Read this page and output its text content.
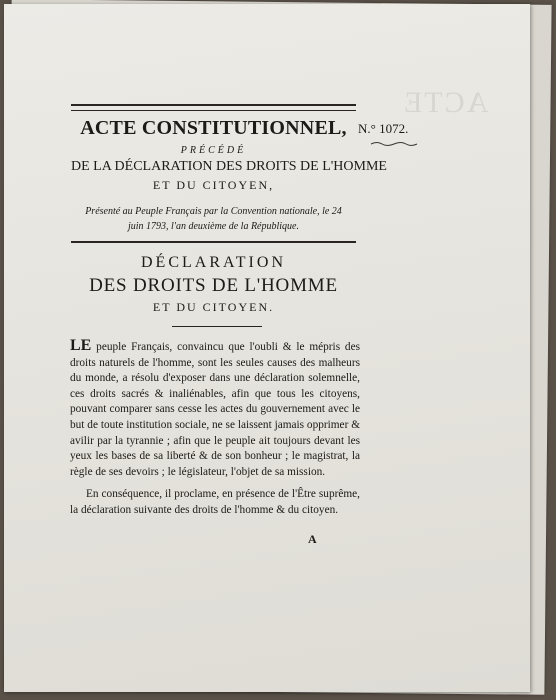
ACTE
ACTE CONSTITUTIONNEL, N.° 1072.
PRÉCÉDÉ
DE LA DÉCLARATION DES DROITS DE L'HOMME
ET DU CITOYEN,
Présenté au Peuple Français par la Convention nationale, le 24
juin 1793, l'an deuxième de la République.
DÉCLARATION
DES DROITS DE L'HOMME
ET DU CITOYEN.
LE peuple Français, convaincu que l'oubli & le mépris des droits naturels de l'homme, sont les seules causes des malheurs du monde, a résolu d'exposer dans une déclaration solemnelle, ces droits sacrés & inaliénables, afin que tous les citoyens, pouvant comparer sans cesse les actes du gouvernement avec le but de toute institution sociale, ne se laissent jamais opprimer & avilir par la tyrannie ; afin que le peuple ait toujours devant les yeux les bases de sa liberté & de son bonheur ; le magistrat, la règle de ses devoirs ; le législateur, l'objet de sa mission.
En conséquence, il proclame, en présence de l'Être suprême, la déclaration suivante des droits de l'homme & du citoyen.
A
